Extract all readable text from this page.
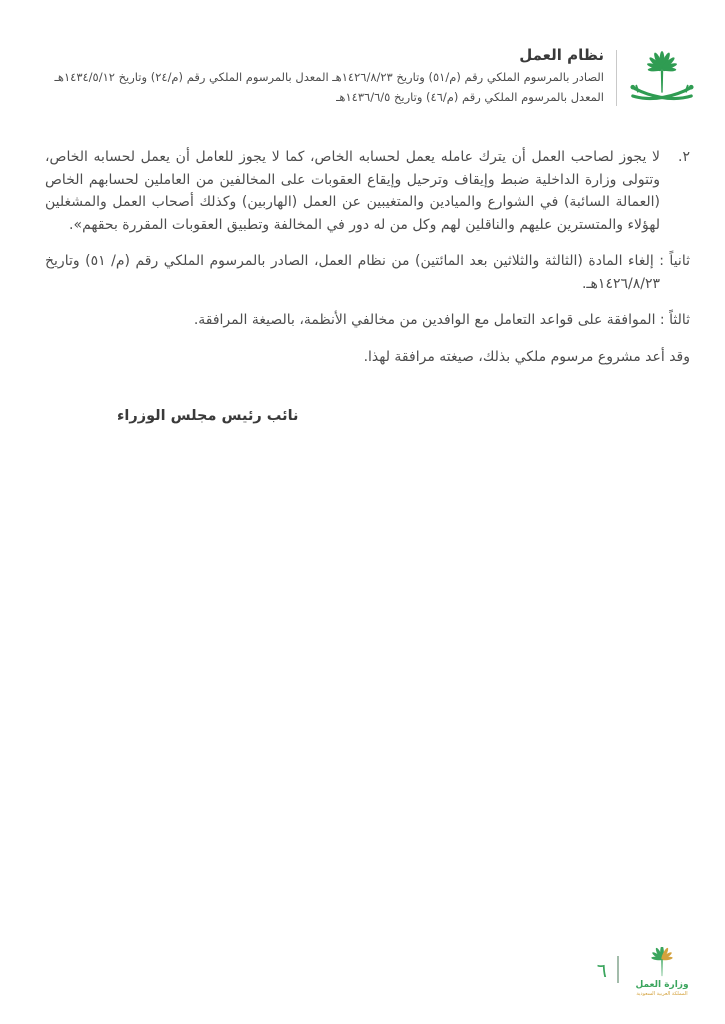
نظام العمل
الصادر بالمرسوم الملكي رقم (م/٥١) وتاريخ ١٤٢٦/٨/٢٣هـ المعدل بالمرسوم الملكي رقم (م/٢٤) وتاريخ ١٤٣٤/٥/١٢هـ
المعدل بالمرسوم الملكي رقم (م/٤٦) وتاريخ ١٤٣٦/٦/٥هـ
٢.
لا يجوز لصاحب العمل أن يترك عامله يعمل لحسابه الخاص، كما لا يجوز للعامل أن يعمل لحسابه الخاص، وتتولى وزارة الداخلية ضبط وإيقاف وترحيل وإيقاع العقوبات على المخالفين من العاملين لحسابهم الخاص (العمالة السائبة) في الشوارع والميادين والمتغيبين عن العمل (الهاربين) وكذلك أصحاب العمل والمشغلين لهؤلاء والمتسترين عليهم والناقلين لهم وكل من له دور في المخالفة وتطبيق العقوبات المقررة بحقهم».

ثانياً : إلغاء المادة (الثالثة والثلاثين بعد المائتين) من نظام العمل، الصادر بالمرسوم الملكي رقم (م/ ٥١) وتاريخ ١٤٢٦/٨/٢٣هـ.

ثالثاً : الموافقة على قواعد التعامل مع الوافدين من مخالفي الأنظمة، بالصيغة المرافقة.

وقد أعد مشروع مرسوم ملكي بذلك، صيغته مرافقة لهذا.

نائب رئيس مجلس الوزراء
وزارة العمل
المملكة العربية السعودية
٦
